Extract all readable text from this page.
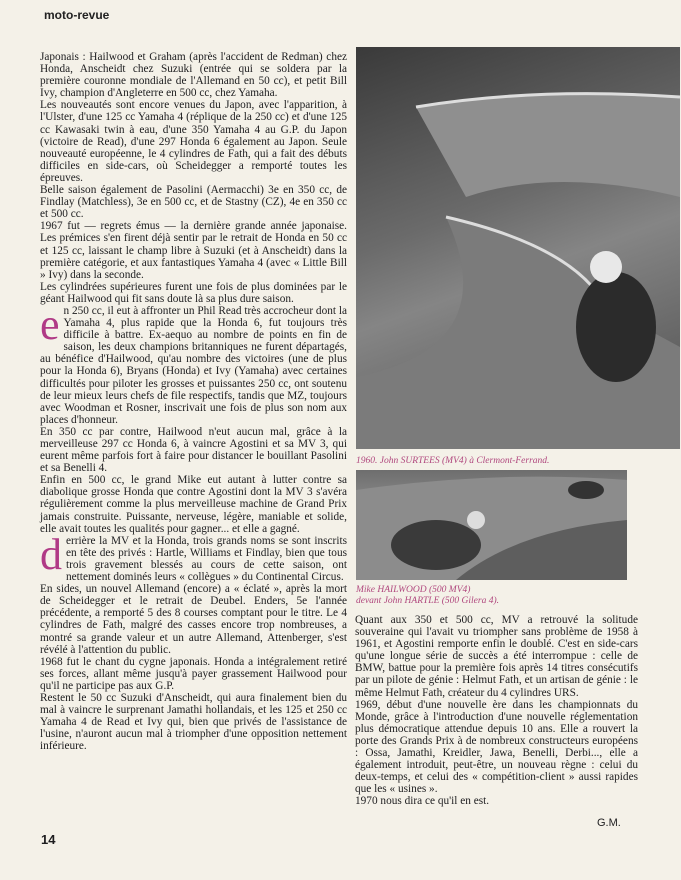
moto-revue

Japonais : Hailwood et Graham (après l'accident de Redman) chez Honda, Anscheidt chez Suzuki (entrée qui se soldera par la première couronne mondiale de l'Allemand en 50 cc), et petit Bill Ivy, champion d'Angleterre en 500 cc, chez Yamaha.

Les nouveautés sont encore venues du Japon, avec l'apparition, à l'Ulster, d'une 125 cc Yamaha 4 (réplique de la 250 cc) et d'une 125 cc Kawasaki twin à eau, d'une 350 Yamaha 4 au G.P. du Japon (victoire de Read), d'une 297 Honda 6 également au Japon. Seule nouveauté européenne, le 4 cylindres de Fath, qui a fait des débuts difficiles en side-cars, où Scheidegger a remporté toutes les épreuves.

Belle saison également de Pasolini (Aermacchi) 3e en 350 cc, de Findlay (Matchless), 3e en 500 cc, et de Stastny (CZ), 4e en 350 cc et 500 cc.

1967 fut — regrets émus — la dernière grande année japonaise. Les prémices s'en firent déjà sentir par le retrait de Honda en 50 cc et 125 cc, laissant le champ libre à Suzuki (et à Anscheidt) dans la première catégorie, et aux fantastiques Yamaha 4 (avec « Little Bill » Ivy) dans la seconde.

Les cylindrées supérieures furent une fois de plus dominées par le géant Hailwood qui fit sans doute là sa plus dure saison.

en 250 cc, il eut à affronter un Phil Read très accrocheur dont la Yamaha 4, plus rapide que la Honda 6, fut toujours très difficile à battre. Ex-aequo au nombre de points en fin de saison, les deux champions britanniques ne furent départagés, au bénéfice d'Hailwood, qu'au nombre des victoires (une de plus pour la Honda 6), Bryans (Honda) et Ivy (Yamaha) avec certaines difficultés pour piloter les grosses et puissantes 250 cc, ont soutenu de leur mieux leurs chefs de file respectifs, tandis que MZ, toujours avec Woodman et Rosner, inscrivait une fois de plus son nom aux places d'honneur.

En 350 cc par contre, Hailwood n'eut aucun mal, grâce à la merveilleuse 297 cc Honda 6, à vaincre Agostini et sa MV 3, qui eurent même parfois fort à faire pour distancer le bouillant Pasolini et sa Benelli 4.

Enfin en 500 cc, le grand Mike eut autant à lutter contre sa diabolique grosse Honda que contre Agostini dont la MV 3 s'avéra régulièrement comme la plus merveilleuse machine de Grand Prix jamais construite. Puissante, nerveuse, légère, maniable et solide, elle avait toutes les qualités pour gagner... et elle a gagné.

derrière la MV et la Honda, trois grands noms se sont inscrits en tête des privés : Hartle, Williams et Findlay, bien que tous trois gravement blessés au cours de cette saison, ont nettement dominés leurs « collègues » du Continental Circus.

En sides, un nouvel Allemand (encore) a « éclaté », après la mort de Scheidegger et le retrait de Deubel. Enders, 5e l'année précédente, a remporté 5 des 8 courses comptant pour le titre. Le 4 cylindres de Fath, malgré des casses encore trop nombreuses, a montré sa grande valeur et un autre Allemand, Attenberger, s'est révélé à l'attention du public.

1968 fut le chant du cygne japonais. Honda a intégralement retiré ses forces, allant même jusqu'à payer grassement Hailwood pour qu'il ne participe pas aux G.P.

Restent le 50 cc Suzuki d'Anscheidt, qui aura finalement bien du mal à vaincre le surprenant Jamathi hollandais, et les 125 et 250 cc Yamaha 4 de Read et Ivy qui, bien que privés de l'assistance de l'usine, n'auront aucun mal à triompher d'une opposition nettement inférieure.

1960. John SURTEES (MV4) à Clermont-Ferrand.
Mike HAILWOOD (500 MV4)
devant John HARTLE (500 Gilera 4).

Quant aux 350 et 500 cc, MV a retrouvé la solitude souveraine qui l'avait vu triompher sans problème de 1958 à 1961, et Agostini remporte enfin le doublé. C'est en side-cars qu'une longue série de succès a été interrompue : celle de BMW, battue pour la première fois après 14 titres consécutifs par un pilote de génie : Helmut Fath, et un artisan de génie : le même Helmut Fath, créateur du 4 cylindres URS.

1969, début d'une nouvelle ère dans les championnats du Monde, grâce à l'introduction d'une nouvelle réglementation plus démocratique attendue depuis 10 ans. Elle a rouvert la porte des Grands Prix à de nombreux constructeurs européens : Ossa, Jamathi, Kreidler, Jawa, Benelli, Derbi..., elle a également introduit, peut-être, un nouveau règne : celui du deux-temps, et celui des « compétition-client » aussi rapides que les « usines ».

1970 nous dira ce qu'il en est.

G.M.
14
